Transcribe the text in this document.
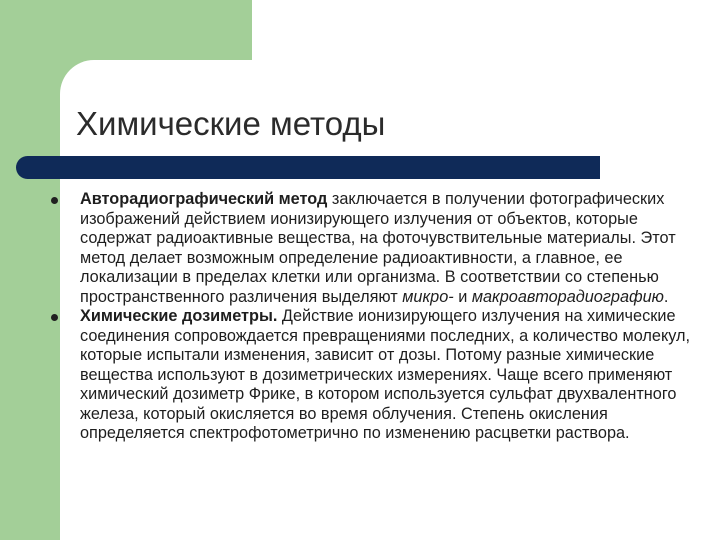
Химические методы

Авторадиографический метод заключается в получении фотографических изображений действием ионизирующего излучения от объектов, которые содержат радиоактивные вещества, на фоточувствительные материалы. Этот метод делает возможным определение радиоактивности, а главное, ее локализации в пределах клетки или организма. В соответствии со степенью пространственного различения выделяют микро- и макроавторадиографию.

Химические дозиметры. Действие ионизирующего излучения на химические соединения сопровождается превращениями последних, а количество молекул, которые испытали изменения, зависит от дозы. Потому разные химические вещества используют в дозиметрических измерениях. Чаще всего применяют химический дозиметр Фрике, в котором используется сульфат двухвалентного железа, который окисляется во время облучения. Степень окисления определяется спектрофотометрично по изменению расцветки раствора.
